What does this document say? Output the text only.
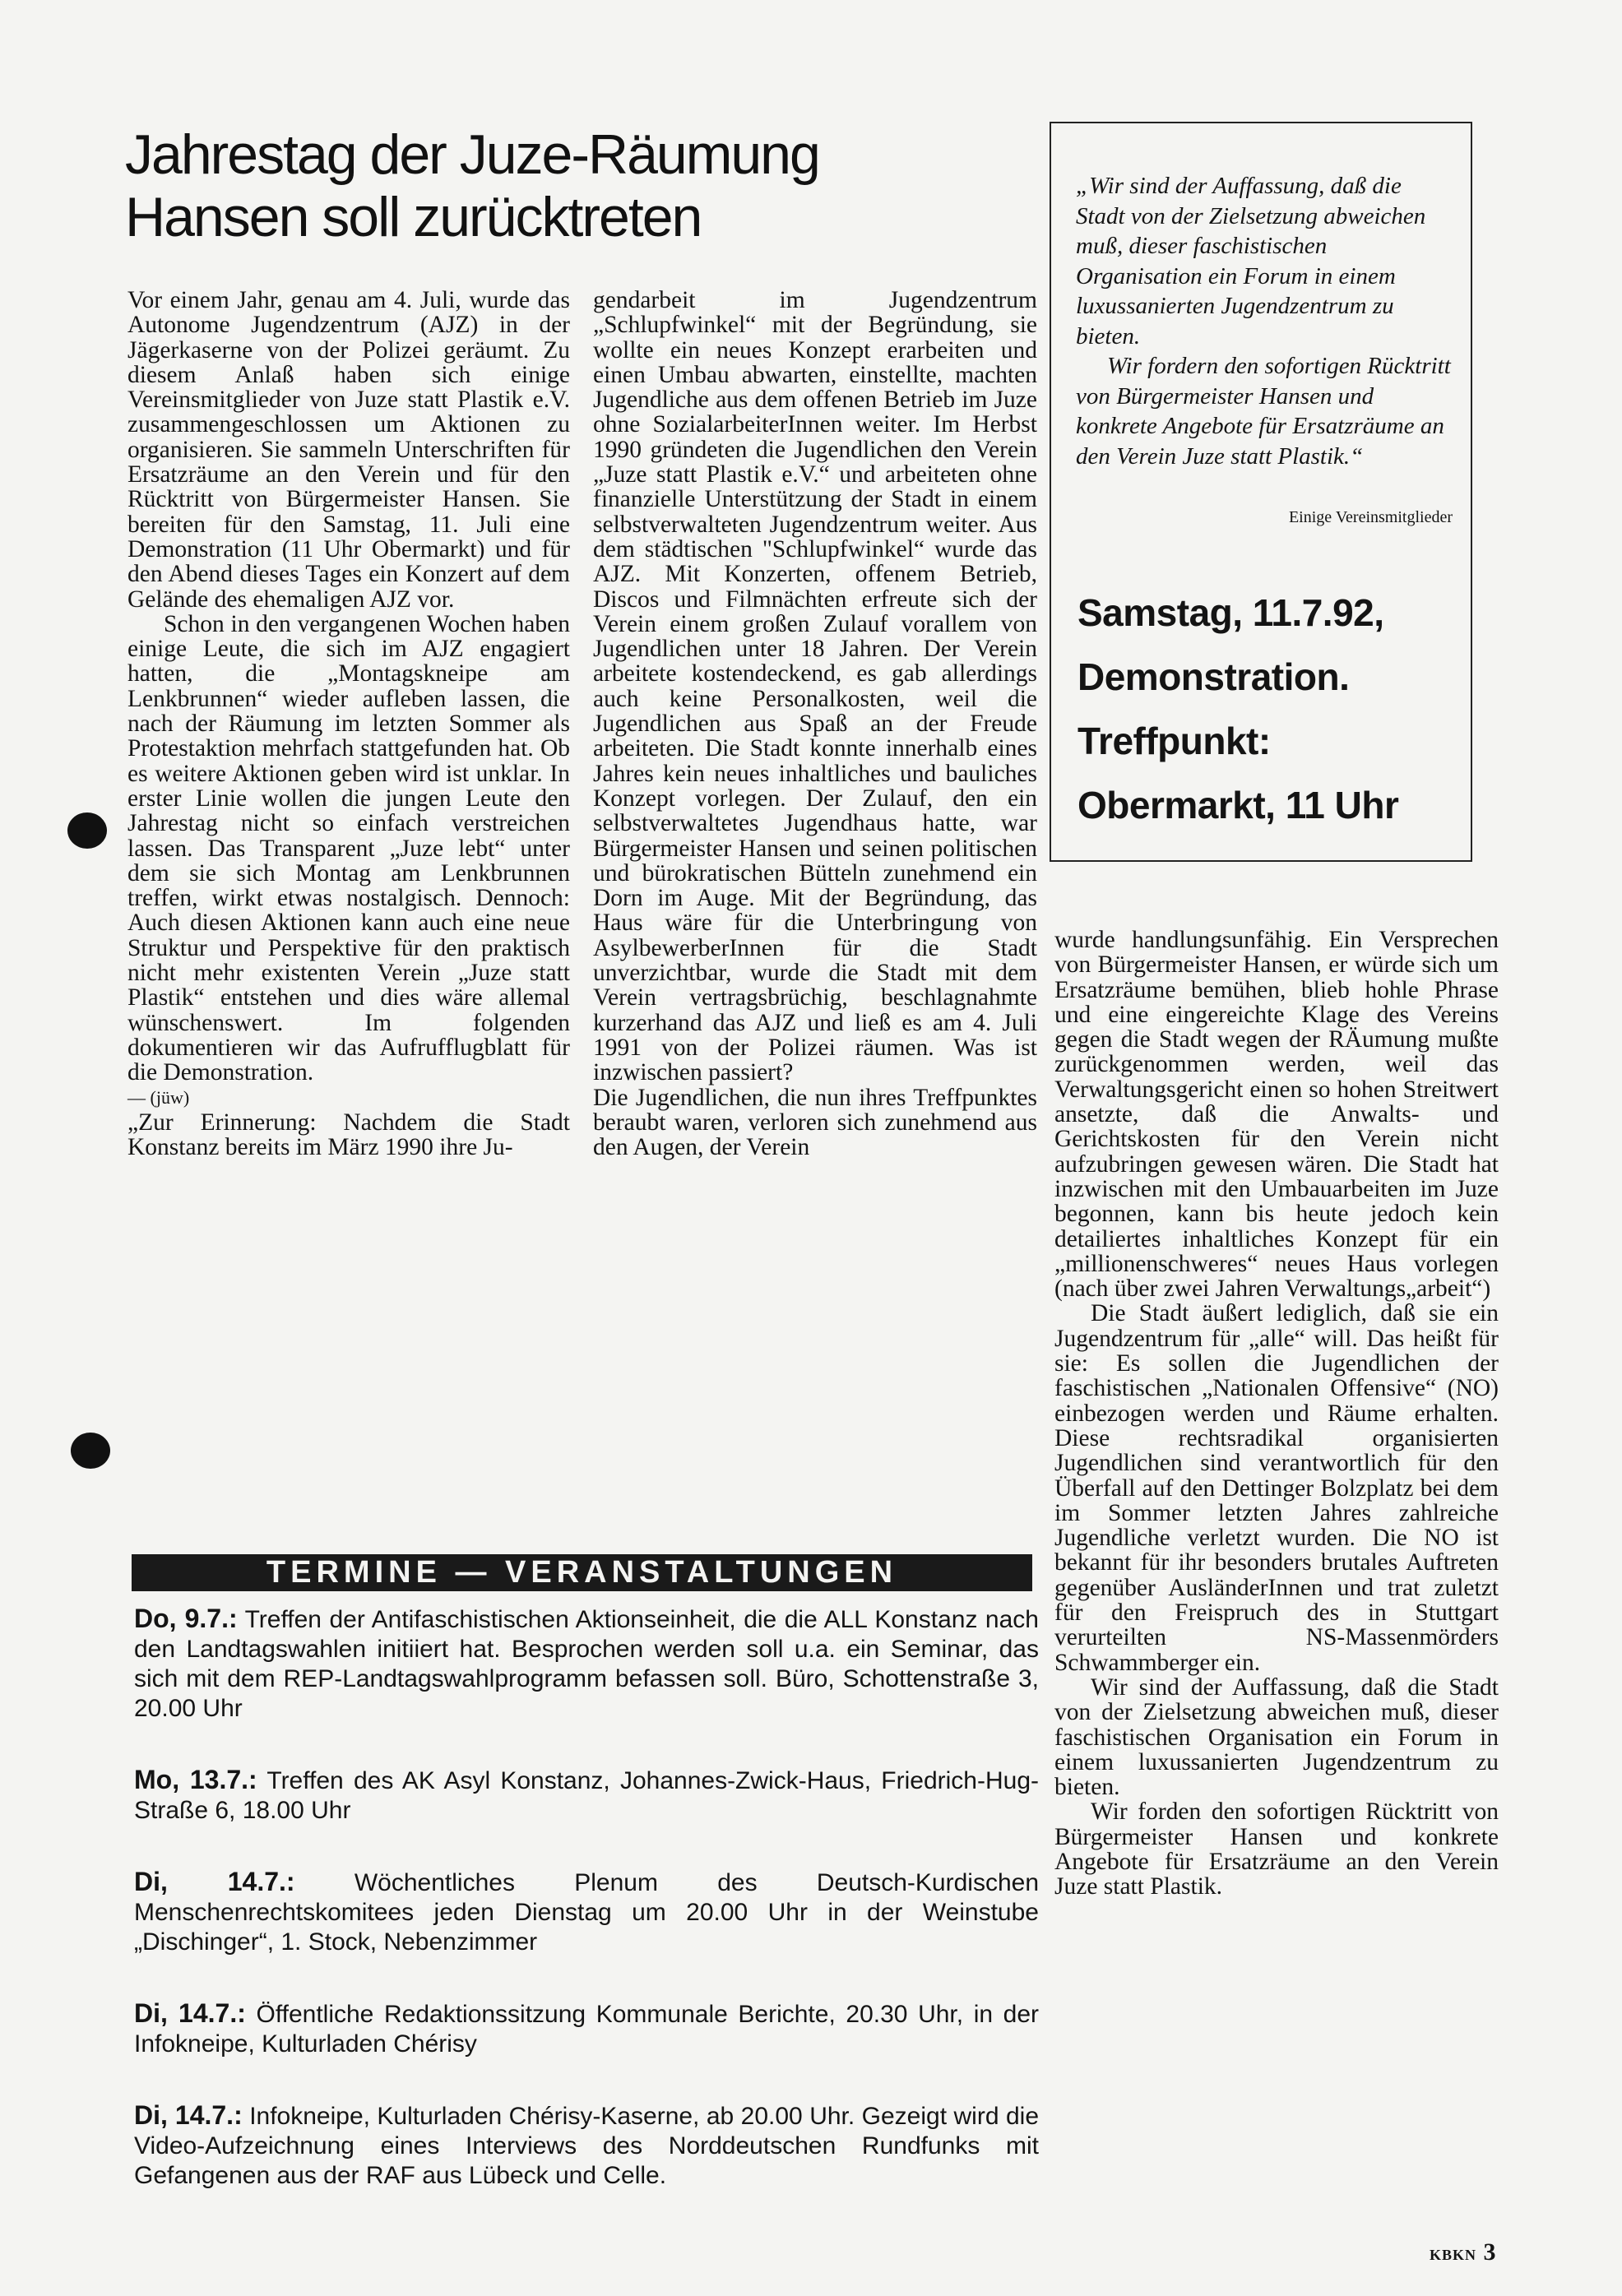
Jahrestag der Juze-Räumung
Hansen soll zurücktreten

Vor einem Jahr, genau am 4. Juli, wurde das Autonome Jugendzentrum (AJZ) in der Jägerkaserne von der Polizei geräumt. Zu diesem Anlaß haben sich einige Vereinsmitglieder von Juze statt Plastik e.V. zusammengeschlossen um Aktionen zu organisieren. Sie sammeln Unterschriften für Ersatzräume an den Verein und für den Rücktritt von Bürgermeister Hansen. Sie bereiten für den Samstag, 11. Juli eine Demonstration (11 Uhr Obermarkt) und für den Abend dieses Tages ein Konzert auf dem Gelände des ehemaligen AJZ vor.

Schon in den vergangenen Wochen haben einige Leute, die sich im AJZ engagiert hatten, die „Montagskneipe am Lenkbrunnen“ wieder aufleben lassen, die nach der Räumung im letzten Sommer als Protestaktion mehrfach stattgefunden hat. Ob es weitere Aktionen geben wird ist unklar. In erster Linie wollen die jungen Leute den Jahrestag nicht so einfach verstreichen lassen. Das Transparent „Juze lebt“ unter dem sie sich Montag am Lenkbrunnen treffen, wirkt etwas nostalgisch. Dennoch: Auch diesen Aktionen kann auch eine neue Struktur und Perspektive für den praktisch nicht mehr existenten Verein „Juze statt Plastik“ entstehen und dies wäre allemal wünschenswert. Im folgenden dokumentieren wir das Aufrufflugblatt für die Demonstration.

— (jüw)

„Zur Erinnerung: Nachdem die Stadt Konstanz bereits im März 1990 ihre Ju-

gendarbeit im Jugendzentrum „Schlupfwinkel“ mit der Begründung, sie wollte ein neues Konzept erarbeiten und einen Umbau abwarten, einstellte, machten Jugendliche aus dem offenen Betrieb im Juze ohne SozialarbeiterInnen weiter. Im Herbst 1990 gründeten die Jugendlichen den Verein „Juze statt Plastik e.V.“ und arbeiteten ohne finanzielle Unterstützung der Stadt in einem selbstverwalteten Jugendzentrum weiter. Aus dem städtischen "Schlupfwinkel“ wurde das AJZ. Mit Konzerten, offenem Betrieb, Discos und Filmnächten erfreute sich der Verein einem großen Zulauf vorallem von Jugendlichen unter 18 Jahren. Der Verein arbeitete kostendeckend, es gab allerdings auch keine Personalkosten, weil die Jugendlichen aus Spaß an der Freude arbeiteten. Die Stadt konnte innerhalb eines Jahres kein neues inhaltliches und bauliches Konzept vorlegen. Der Zulauf, den ein selbstverwaltetes Jugendhaus hatte, war Bürgermeister Hansen und seinen politischen und bürokratischen Bütteln zunehmend ein Dorn im Auge. Mit der Begründung, das Haus wäre für die Unterbringung von AsylbewerberInnen für die Stadt unverzichtbar, wurde die Stadt mit dem Verein vertragsbrüchig, beschlagnahmte kurzerhand das AJZ und ließ es am 4. Juli 1991 von der Polizei räumen. Was ist inzwischen passiert?

Die Jugendlichen, die nun ihres Treffpunktes beraubt waren, verloren sich zunehmend aus den Augen, der Verein

wurde handlungsunfähig. Ein Versprechen von Bürgermeister Hansen, er würde sich um Ersatzräume bemühen, blieb hohle Phrase und eine eingereichte Klage des Vereins gegen die Stadt wegen der RÄumung mußte zurückgenommen werden, weil das Verwaltungsgericht einen so hohen Streitwert ansetzte, daß die Anwalts- und Gerichtskosten für den Verein nicht aufzubringen gewesen wären. Die Stadt hat inzwischen mit den Umbauarbeiten im Juze begonnen, kann bis heute jedoch kein detailiertes inhaltliches Konzept für ein „millionenschweres“ neues Haus vorlegen (nach über zwei Jahren Verwaltungs„arbeit“)

Die Stadt äußert lediglich, daß sie ein Jugendzentrum für „alle“ will. Das heißt für sie: Es sollen die Jugendlichen der faschistischen „Nationalen Offensive“ (NO) einbezogen werden und Räume erhalten. Diese rechtsradikal organisierten Jugendlichen sind verantwortlich für den Überfall auf den Dettinger Bolzplatz bei dem im Sommer letzten Jahres zahlreiche Jugendliche verletzt wurden. Die NO ist bekannt für ihr besonders brutales Auftreten gegenüber AusländerInnen und trat zuletzt für den Freispruch des in Stuttgart verurteilten NS-Massenmörders Schwammberger ein.

Wir sind der Auffassung, daß die Stadt von der Zielsetzung abweichen muß, dieser faschistischen Organisation ein Forum in einem luxussanierten Jugendzentrum zu bieten.

Wir forden den sofortigen Rücktritt von Bürgermeister Hansen und konkrete Angebote für Ersatzräume an den Verein Juze statt Plastik.

„Wir sind der Auffassung, daß die Stadt von der Zielsetzung abweichen muß, dieser faschistischen Organisation ein Forum in einem luxussanierten Jugendzentrum zu bieten.

Wir fordern den sofortigen Rücktritt von Bürgermeister Hansen und konkrete Angebote für Ersatzräume an den Verein Juze statt Plastik.“

Einige Vereinsmitglieder
Samstag, 11.7.92,
Demonstration.
Treffpunkt:
Obermarkt, 11 Uhr
TERMINE — VERANSTALTUNGEN

Do, 9.7.: Treffen der Antifaschistischen Aktionseinheit, die die ALL Konstanz nach den Landtagswahlen initiiert hat. Besprochen werden soll u.a. ein Seminar, das sich mit dem REP-Landtagswahlprogramm befassen soll. Büro, Schottenstraße 3, 20.00 Uhr

Mo, 13.7.: Treffen des AK Asyl Konstanz, Johannes-Zwick-Haus, Friedrich-Hug-Straße 6, 18.00 Uhr

Di, 14.7.: Wöchentliches Plenum des Deutsch-Kurdischen Menschenrechtskomitees jeden Dienstag um 20.00 Uhr in der Weinstube „Dischinger“, 1. Stock, Nebenzimmer

Di, 14.7.: Öffentliche Redaktionssitzung Kommunale Berichte, 20.30 Uhr, in der Infokneipe, Kulturladen Chérisy

Di, 14.7.: Infokneipe, Kulturladen Chérisy-Kaserne, ab 20.00 Uhr. Gezeigt wird die Video-Aufzeichnung eines Interviews des Norddeutschen Rundfunks mit Gefangenen aus der RAF aus Lübeck und Celle.

KBKN 3
